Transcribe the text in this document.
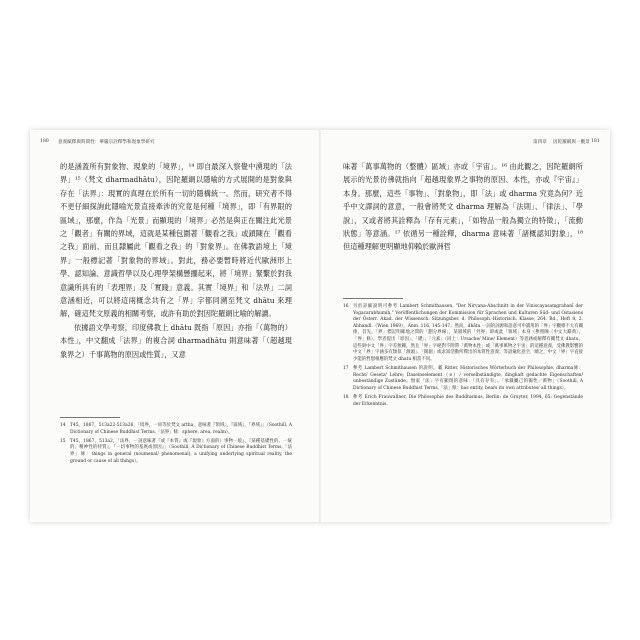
180 意義賦釋與時間性：華嚴宗詮釋學和現象學研究

的是涵蓋所有對象物、現象的「境界」，¹⁴ 即自最深入察覺中湧現的「法界」¹⁵（梵文 dharmadhātu），因陀羅網以隱喻的方式展開的是對象與存在「法界」：現實的真理在於所有一切的隱構統一。然而，研究者不得不更仔細探詢此隱喻光景直接牽涉的究竟是何種「境界」，即「有界限的區域」，那麼，作為「光景」而顯現的「境界」必然是與正在關注此光景之「觀者」有關的界域，這就是某種包圍著「觀看之我」或鎖陳在「觀看之我」面前、而且隸屬此「觀看之我」的「對象界」。在佛教語境上「境界」一般標記著「對象物的界域」。對此，務必要暫時將近代歐洲形上學、認知論、意識哲學以及心理學架構懸擱起來，將「境界」緊繫於對我意識所具有的「表理界」及「實踐」意義。其實「境界」和「法界」二詞意涵相近，可以將這兩概念共有之「界」字都同溯至梵文 dhātu 來理解，確這梵文原義的相關考察，或許有助於對因陀羅網比喻的解讀。

依據語文學考察，印度佛教上 dhātu 既指「原因」亦指「（萬物的）本性」，中文翻成「法界」的複合詞 dharmadhātu 則意味著「（超越現象界之）千事萬物的原因或性質」，又意

14	T45，1867，513a22-513a26，「境界，一同等於梵文 artha，意味著『領域』，『區域』，『界域』」（Soothill, A Dictionary of Chinese Buddhist Terms,「法界」條：sphere, area, realm）。
15	T45，1867，513a2，「法界，一詞意味著『或『本質』或『現象』方面的）事物一般』，『某種基礎性的、一統的、精神性的特質』，『一切事物的基底或原因』」（Soothill, A Dictionary of Chinese Buddhist Terms,「法界」條：things in general (noumenal/ phenomenal), a unifying underlying spiritual reality, the ground or cause of all things）。
第四章 因陀羅網與一觀景 181

味著「萬事萬物的（整體）區域」亦或「宇宙」。¹⁶ 由此觀之，因陀羅網所展示的光景彷彿就指向「超越現象界之事物的原因、本性，亦或『宇宙』」本身。那麼，這些「事物」、「對象物」，即「法」或 dharma 究竟為何？近乎中文譯詞的意意，一般會將梵文 dharma 理解為「法則」、「律法」、「學說」，又或者將其詮釋為「存有元素」，「如物品一般為獨立的特徵」，「流動狀態」等意涵。¹⁷ 依循另一種詮釋，dharma 意味著「諸概認知對象」，¹⁸ 但這種理解更明顯地仰賴於歐洲哲

16	另於詳細說明可參考 Lambert Schmithausen, "Der Nirvana-Abschnitt in der Viniscayasamgrahanī der Yogacarabhumiḥ," Veröffentlichungen der Kommission für Sprachen und Kulturen Süd- und Ostasiens der Österr. Akad. der Wissensch. Sitzungsber. d. Philosoph.-Historisch. Klasse, 264. Bd., Heft 8, 2. Abhandl.（Wien 1969），Anm. 116, 145-147。然而，dhātu 一詞的詞源和語意可申讀用的「界」字觀相不大有關係，首先，「界」標記明確地之間的「劃分界線」，某層域的「外界」即或此「領域」本身（參照陳〈中文大辭典〉，「界」條）。學者提出「原因」、「礎」、「元素」（同上：Ursache/ Mine/ Element）等意涵或解釋有關梵文 dhatu，這些與中文「界」字差無關，然且「界」字絕對不附帶「萬物本性」或「萬事萬物之宇宙」的這種意義，受佛教影響的中文「界」字涵多有類似「源頭」、「開創」或求知活動所釋出的本質性意義；等語彙化意空，總之，中文「界」字直接少能的哲想相應的梵文 dhatu 相當不同。
17	參考 Lambert Schmithausen 的說明。載 Ritter, Historisches Wörterbuch der Philosophie, dharma條：Recht/ Gesetz/ Lehre; Daseinselement（e）/ verselbständigte, dinghaft gedachte Eigenschaften/ unbeständige Zustände。無家「法」字有顯現的意味：「具有存有」、「承載屬己的獨性／萬物」（Soothill, A Dictionary of Chinese Buddhist Terms,「法」條：has entity, bears its own attributes/ all things）。
18	參考 Erich Frauwallner, Die Philosophie des Buddhismus, Berlin: de Gruyter, 1994, 65: Gegenstände der Erkenntnis.
